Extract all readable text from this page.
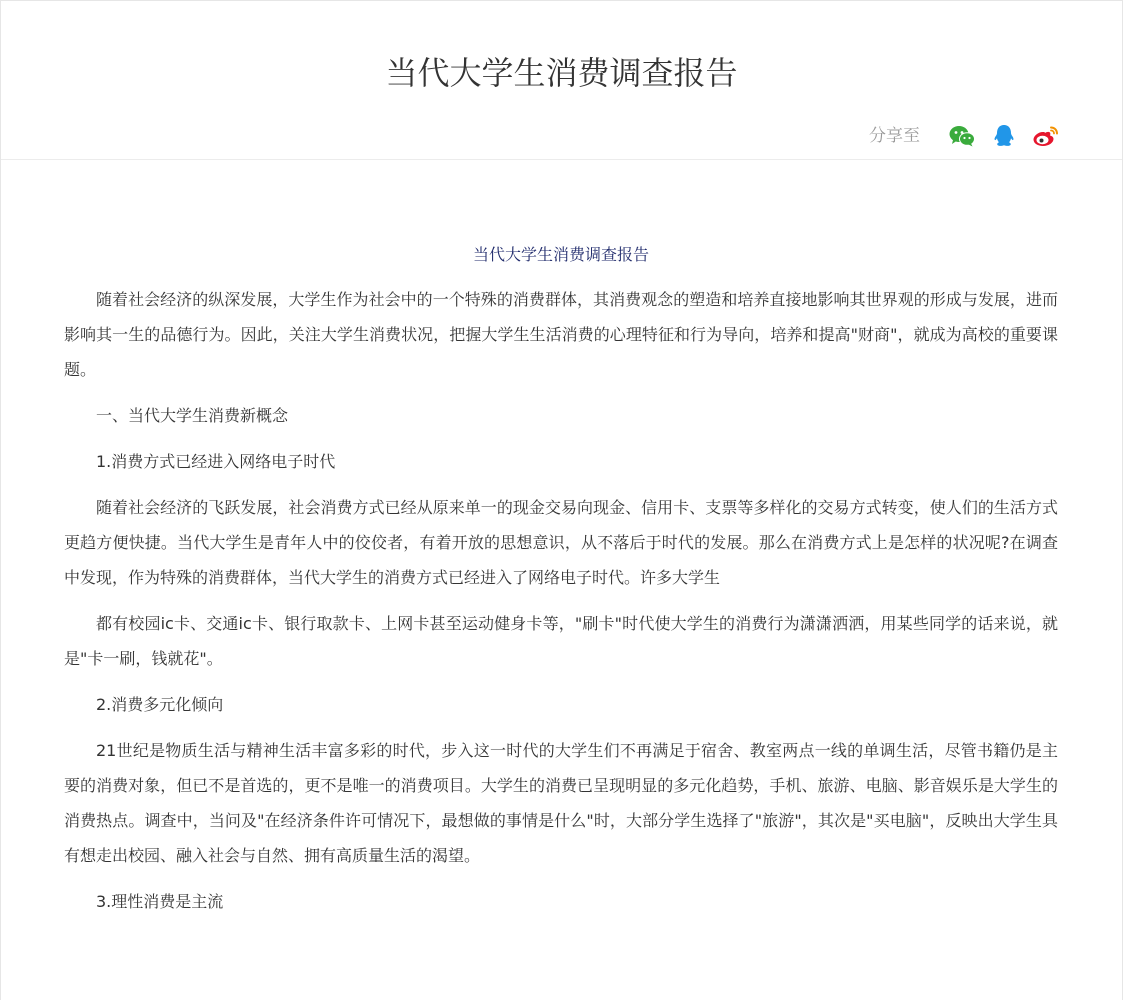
当代大学生消费调查报告
分享至

当代大学生消费调查报告

随着社会经济的纵深发展，大学生作为社会中的一个特殊的消费群体，其消费观念的塑造和培养直接地影响其世界观的形成与发展，进而影响其一生的品德行为。因此，关注大学生消费状况，把握大学生生活消费的心理特征和行为导向，培养和提高"财商"，就成为高校的重要课题。

一、当代大学生消费新概念

1.消费方式已经进入网络电子时代

随着社会经济的飞跃发展，社会消费方式已经从原来单一的现金交易向现金、信用卡、支票等多样化的交易方式转变，使人们的生活方式更趋方便快捷。当代大学生是青年人中的佼佼者，有着开放的思想意识，从不落后于时代的发展。那么在消费方式上是怎样的状况呢?在调查中发现，作为特殊的消费群体，当代大学生的消费方式已经进入了网络电子时代。许多大学生

都有校园ic卡、交通ic卡、银行取款卡、上网卡甚至运动健身卡等，"刷卡"时代使大学生的消费行为潇潇洒洒，用某些同学的话来说，就是"卡一刷，钱就花"。

2.消费多元化倾向

21世纪是物质生活与精神生活丰富多彩的时代，步入这一时代的大学生们不再满足于宿舍、教室两点一线的单调生活，尽管书籍仍是主要的消费对象，但已不是首选的，更不是唯一的消费项目。大学生的消费已呈现明显的多元化趋势，手机、旅游、电脑、影音娱乐是大学生的消费热点。调查中，当问及"在经济条件许可情况下，最想做的事情是什么"时，大部分学生选择了"旅游"，其次是"买电脑"，反映出大学生具有想走出校园、融入社会与自然、拥有高质量生活的渴望。

3.理性消费是主流
